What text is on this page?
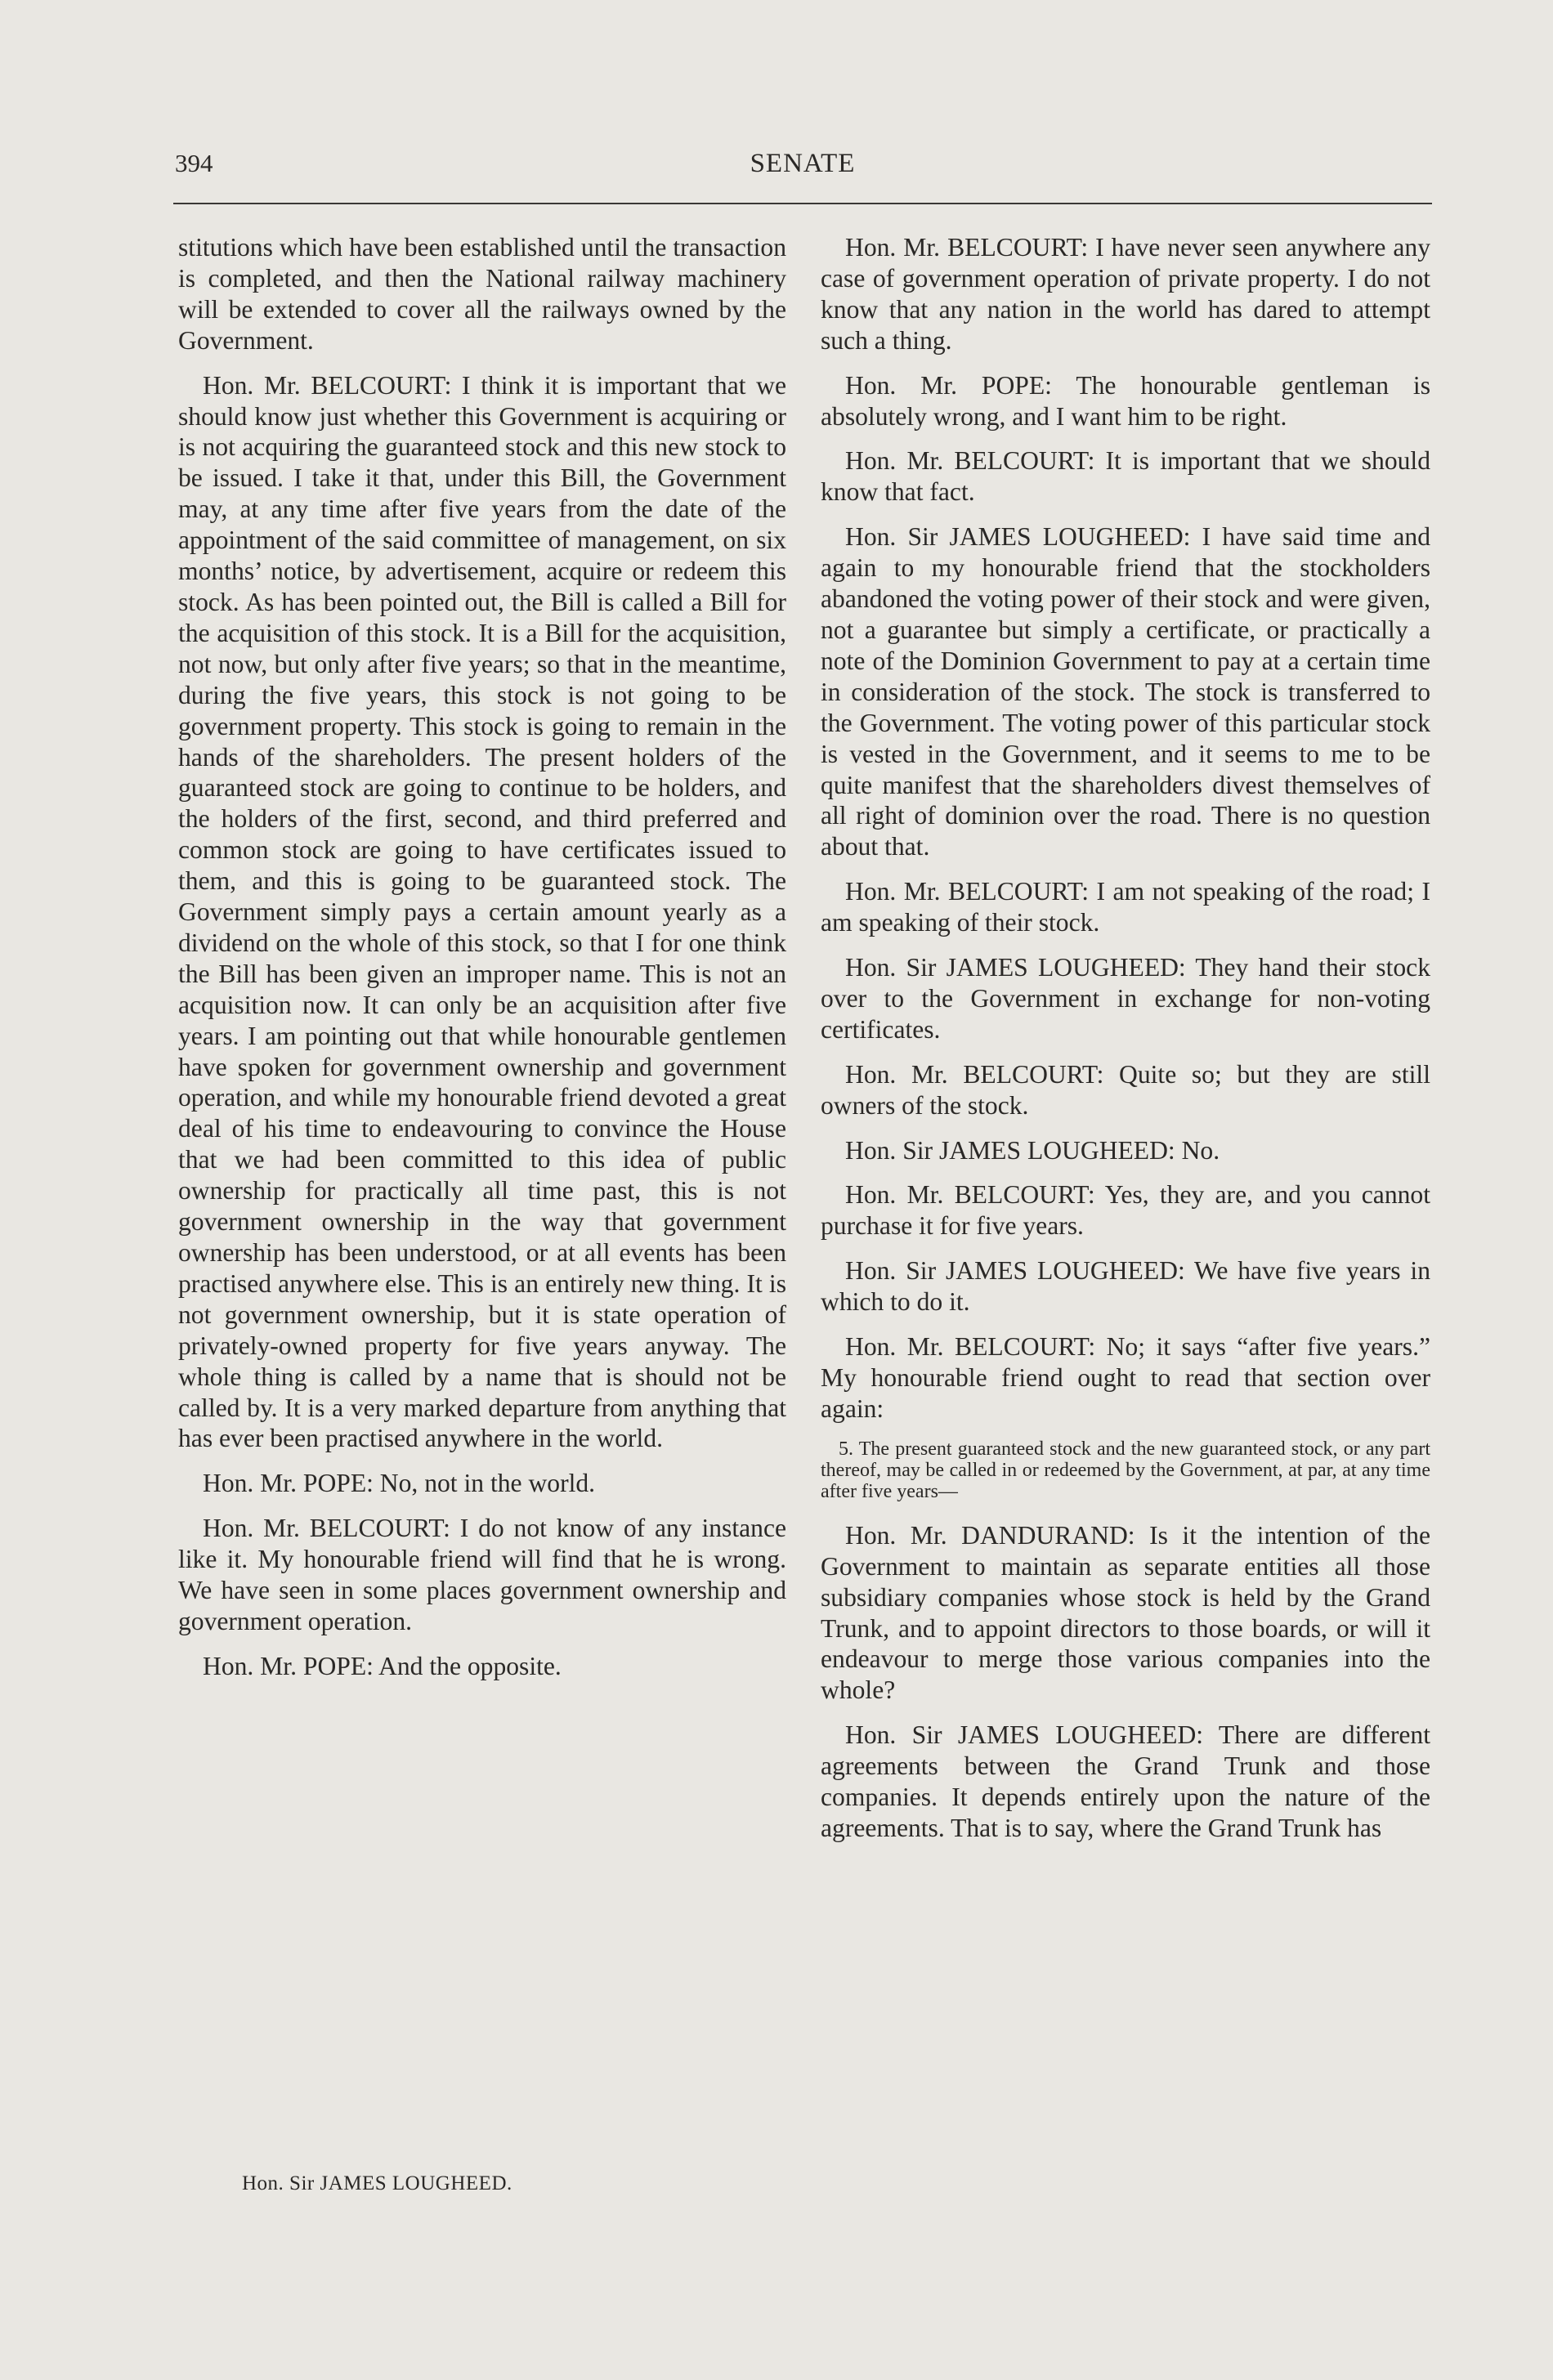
394	SENATE

stitutions which have been established until the transaction is completed, and then the National railway machinery will be extended to cover all the railways owned by the Government.

Hon. Mr. BELCOURT: I think it is important that we should know just whether this Government is acquiring or is not acquiring the guaranteed stock and this new stock to be issued. I take it that, under this Bill, the Government may, at any time after five years from the date of the appointment of the said committee of management, on six months’ notice, by advertisement, acquire or redeem this stock. As has been pointed out, the Bill is called a Bill for the acquisition of this stock. It is a Bill for the acquisition, not now, but only after five years; so that in the meantime, during the five years, this stock is not going to be government property. This stock is going to remain in the hands of the shareholders. The present holders of the guaranteed stock are going to continue to be holders, and the holders of the first, second, and third preferred and common stock are going to have certificates issued to them, and this is going to be guaranteed stock. The Government simply pays a certain amount yearly as a dividend on the whole of this stock, so that I for one think the Bill has been given an improper name. This is not an acquisition now. It can only be an acquisition after five years. I am pointing out that while honourable gentlemen have spoken for government ownership and government operation, and while my honourable friend devoted a great deal of his time to endeavouring to convince the House that we had been committed to this idea of public ownership for practically all time past, this is not government ownership in the way that government ownership has been understood, or at all events has been practised anywhere else. This is an entirely new thing. It is not government ownership, but it is state operation of privately-owned property for five years anyway. The whole thing is called by a name that is should not be called by. It is a very marked departure from anything that has ever been practised anywhere in the world.

Hon. Mr. POPE: No, not in the world.

Hon. Mr. BELCOURT: I do not know of any instance like it. My honourable friend will find that he is wrong. We have seen in some places government ownership and government operation.

Hon. Mr. POPE: And the opposite.

Hon. Mr. BELCOURT: I have never seen anywhere any case of government operation of private property. I do not know that any nation in the world has dared to attempt such a thing.

Hon. Mr. POPE: The honourable gentleman is absolutely wrong, and I want him to be right.

Hon. Mr. BELCOURT: It is important that we should know that fact.

Hon. Sir JAMES LOUGHEED: I have said time and again to my honourable friend that the stockholders abandoned the voting power of their stock and were given, not a guarantee but simply a certificate, or practically a note of the Dominion Government to pay at a certain time in consideration of the stock. The stock is transferred to the Government. The voting power of this particular stock is vested in the Government, and it seems to me to be quite manifest that the shareholders divest themselves of all right of dominion over the road. There is no question about that.

Hon. Mr. BELCOURT: I am not speaking of the road; I am speaking of their stock.

Hon. Sir JAMES LOUGHEED: They hand their stock over to the Government in exchange for non-voting certificates.

Hon. Mr. BELCOURT: Quite so; but they are still owners of the stock.

Hon. Sir JAMES LOUGHEED: No.

Hon. Mr. BELCOURT: Yes, they are, and you cannot purchase it for five years.

Hon. Sir JAMES LOUGHEED: We have five years in which to do it.

Hon. Mr. BELCOURT: No; it says “after five years.” My honourable friend ought to read that section over again:

5. The present guaranteed stock and the new guaranteed stock, or any part thereof, may be called in or redeemed by the Government, at par, at any time after five years—

Hon. Mr. DANDURAND: Is it the intention of the Government to maintain as separate entities all those subsidiary companies whose stock is held by the Grand Trunk, and to appoint directors to those boards, or will it endeavour to merge those various companies into the whole?

Hon. Sir JAMES LOUGHEED: There are different agreements between the Grand Trunk and those companies. It depends entirely upon the nature of the agreements. That is to say, where the Grand Trunk has

Hon. Sir JAMES LOUGHEED.
